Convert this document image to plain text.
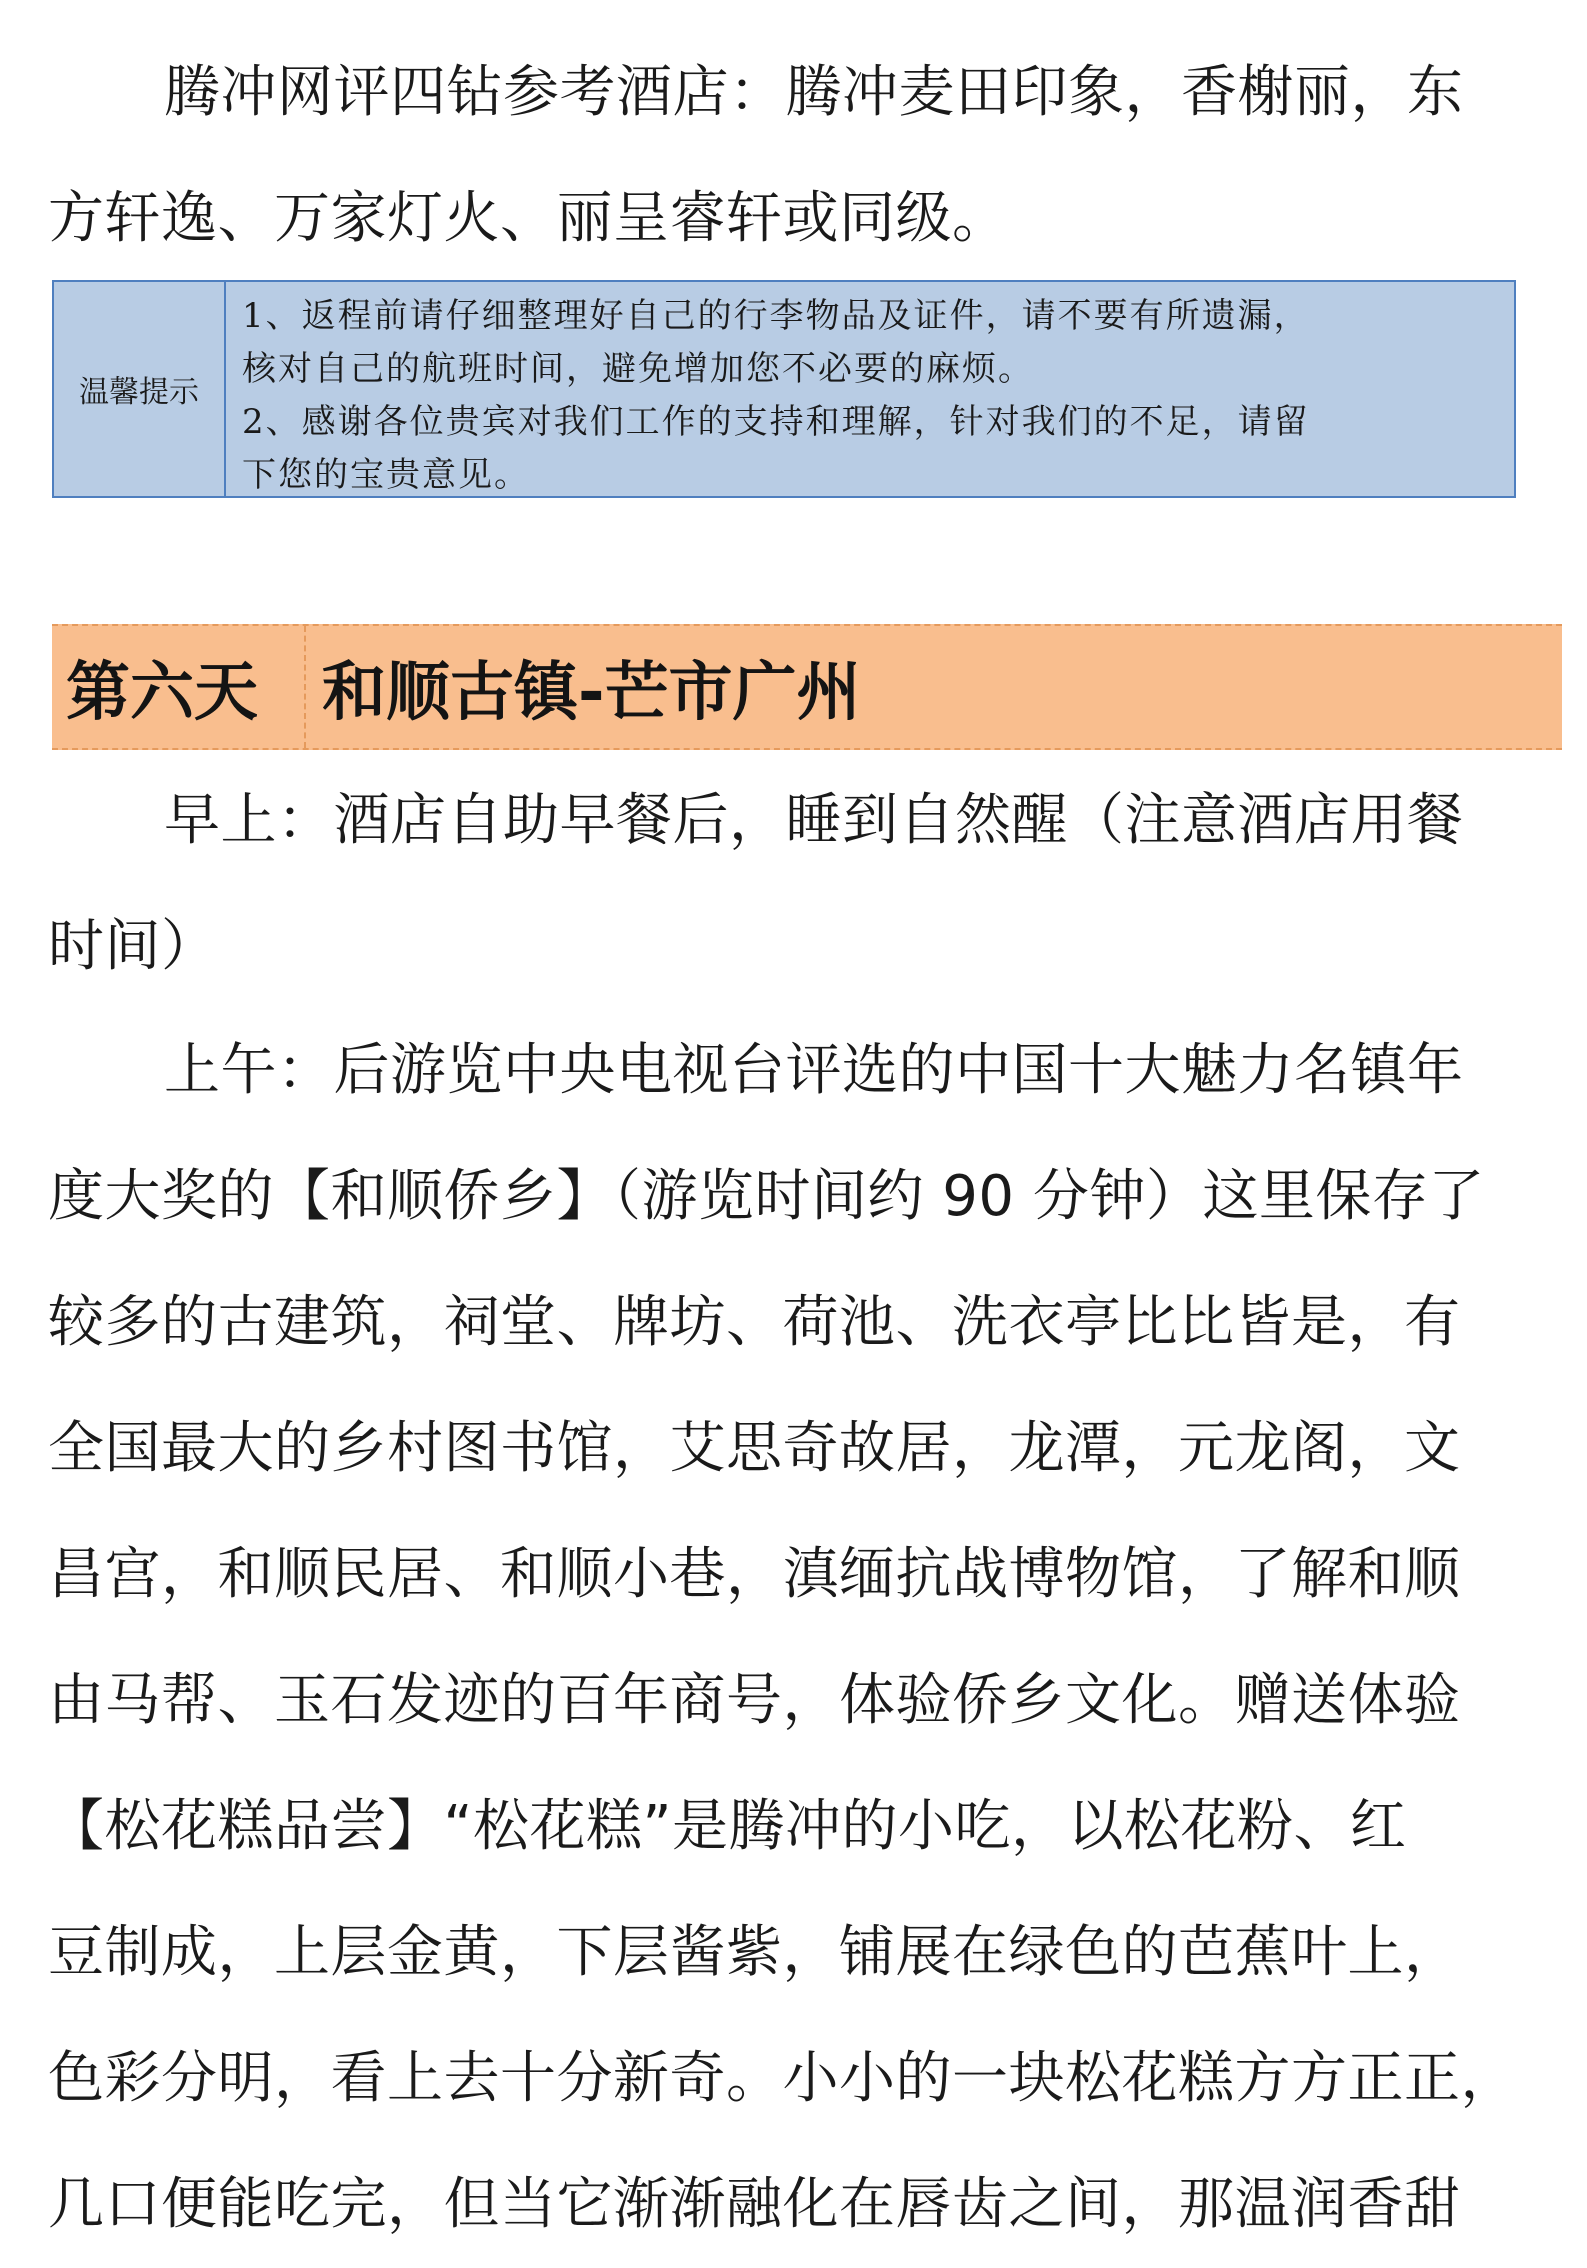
腾冲网评四钻参考酒店：腾冲麦田印象，香榭丽，东
方轩逸、万家灯火、丽呈睿轩或同级。

温馨提示
1、返程前请仔细整理好自己的行李物品及证件，请不要有所遗漏，
核对自己的航班时间，避免增加您不必要的麻烦。
2、感谢各位贵宾对我们工作的支持和理解，针对我们的不足，请留
下您的宝贵意见。
第六天	和顺古镇-芒市广州

早上：酒店自助早餐后，睡到自然醒（注意酒店用餐
时间）

上午：后游览中央电视台评选的中国十大魅力名镇年
度大奖的【和顺侨乡】（游览时间约 90 分钟）这里保存了
较多的古建筑，祠堂、牌坊、荷池、洗衣亭比比皆是，有
全国最大的乡村图书馆，艾思奇故居，龙潭，元龙阁，文
昌宫，和顺民居、和顺小巷，滇缅抗战博物馆，了解和顺
由马帮、玉石发迹的百年商号，体验侨乡文化。赠送体验
【松花糕品尝】“松花糕”是腾冲的小吃，以松花粉、红
豆制成，上层金黄，下层酱紫，铺展在绿色的芭蕉叶上，
色彩分明，看上去十分新奇。小小的一块松花糕方方正正，
几口便能吃完，但当它渐渐融化在唇齿之间，那温润香甜
